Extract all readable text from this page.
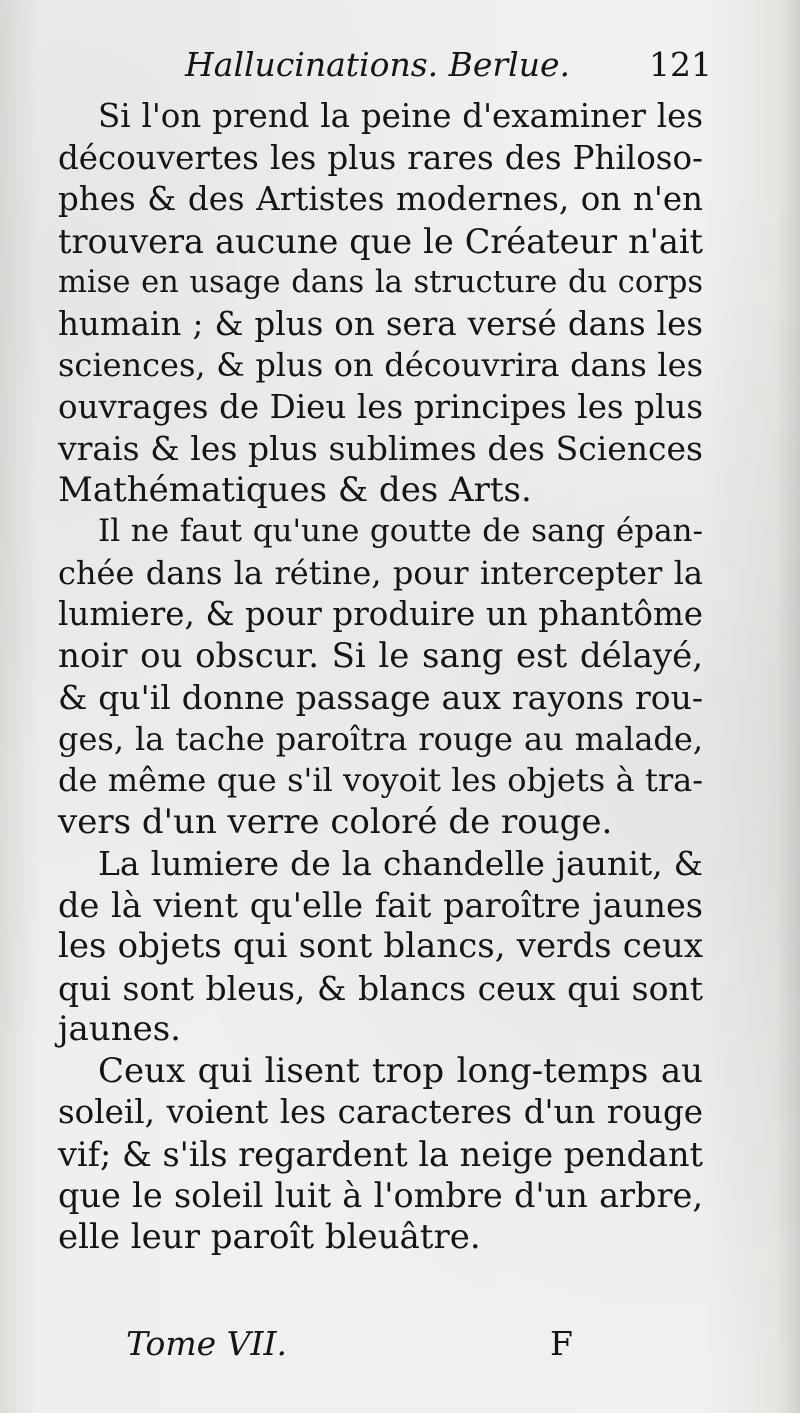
Hallucinations. Berlue. 121

Si l'on prend la peine d'examiner les
découvertes les plus rares des Philoso-
phes & des Artistes modernes, on n'en
trouvera aucune que le Créateur n'ait
mise en usage dans la structure du corps
humain ; & plus on sera versé dans les
sciences, & plus on découvrira dans les
ouvrages de Dieu les principes les plus
vrais & les plus sublimes des Sciences
Mathématiques & des Arts.

Il ne faut qu'une goutte de sang épan-
chée dans la rétine, pour intercepter la
lumiere, & pour produire un phantôme
noir ou obscur. Si le sang est délayé,
& qu'il donne passage aux rayons rou-
ges, la tache paroîtra rouge au malade,
de même que s'il voyoit les objets à tra-
vers d'un verre coloré de rouge.

La lumiere de la chandelle jaunit, &
de là vient qu'elle fait paroître jaunes
les objets qui sont blancs, verds ceux
qui sont bleus, & blancs ceux qui sont
jaunes.

Ceux qui lisent trop long-temps au
soleil, voient les caracteres d'un rouge
vif; & s'ils regardent la neige pendant
que le soleil luit à l'ombre d'un arbre,
elle leur paroît bleuâtre.

Tome VII.	F
